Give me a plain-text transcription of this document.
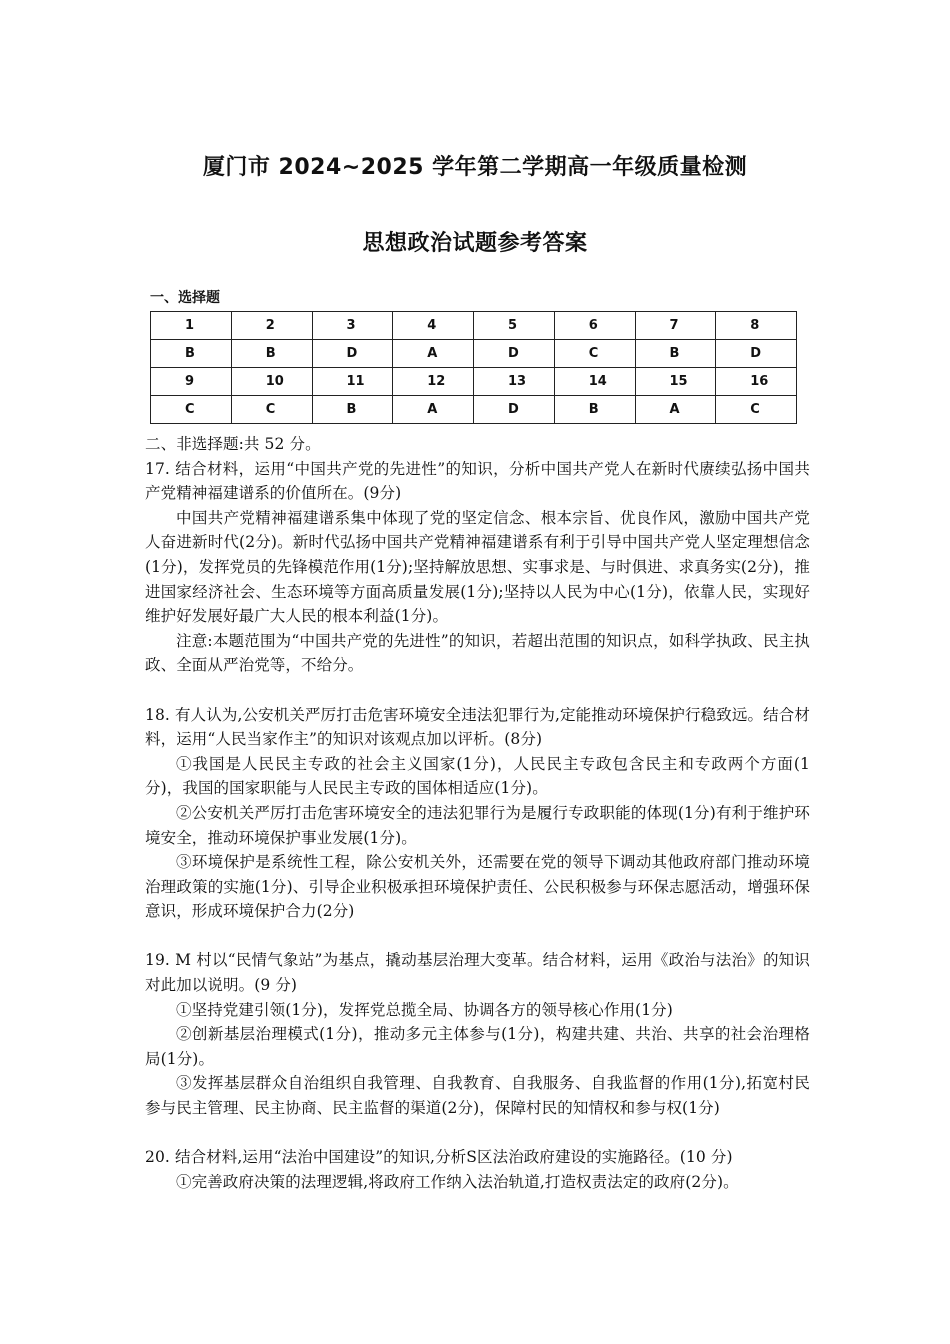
厦门市 2024~2025 学年第二学期高一年级质量检测
思想政治试题参考答案
一、选择题
1	2	3	4	5	6	7	8
B	B	D	A	D	C	B	D
9	10	11	12	13	14	15	16
C	C	B	A	D	B	A	C

二、非选择题:共 52 分。

17. 结合材料，运用“中国共产党的先进性”的知识，分析中国共产党人在新时代赓续弘扬中国共产党精神福建谱系的价值所在。(9分)

中国共产党精神福建谱系集中体现了党的坚定信念、根本宗旨、优良作风，激励中国共产党人奋进新时代(2分)。新时代弘扬中国共产党精神福建谱系有利于引导中国共产党人坚定理想信念(1分)，发挥党员的先锋模范作用(1分);坚持解放思想、实事求是、与时俱进、求真务实(2分)，推进国家经济社会、生态环境等方面高质量发展(1分);坚持以人民为中心(1分)，依靠人民，实现好维护好发展好最广大人民的根本利益(1分)。

注意:本题范围为“中国共产党的先进性”的知识，若超出范围的知识点，如科学执政、民主执政、全面从严治党等，不给分。

18. 有人认为,公安机关严厉打击危害环境安全违法犯罪行为,定能推动环境保护行稳致远。结合材料，运用“人民当家作主”的知识对该观点加以评析。(8分)

①我国是人民民主专政的社会主义国家(1分)，人民民主专政包含民主和专政两个方面(1分)，我国的国家职能与人民民主专政的国体相适应(1分)。

②公安机关严厉打击危害环境安全的违法犯罪行为是履行专政职能的体现(1分)有利于维护环境安全，推动环境保护事业发展(1分)。

③环境保护是系统性工程，除公安机关外，还需要在党的领导下调动其他政府部门推动环境治理政策的实施(1分)、引导企业积极承担环境保护责任、公民积极参与环保志愿活动，增强环保意识，形成环境保护合力(2分)

19. M 村以“民情气象站”为基点，撬动基层治理大变革。结合材料，运用《政治与法治》的知识对此加以说明。(9 分)

①坚持党建引领(1分)，发挥党总揽全局、协调各方的领导核心作用(1分)

②创新基层治理模式(1分)，推动多元主体参与(1分)，构建共建、共治、共享的社会治理格局(1分)。

③发挥基层群众自治组织自我管理、自我教育、自我服务、自我监督的作用(1分),拓宽村民参与民主管理、民主协商、民主监督的渠道(2分)，保障村民的知情权和参与权(1分)

20. 结合材料,运用“法治中国建设”的知识,分析S区法治政府建设的实施路径。(10 分)

①完善政府决策的法理逻辑,将政府工作纳入法治轨道,打造权责法定的政府(2分)。
